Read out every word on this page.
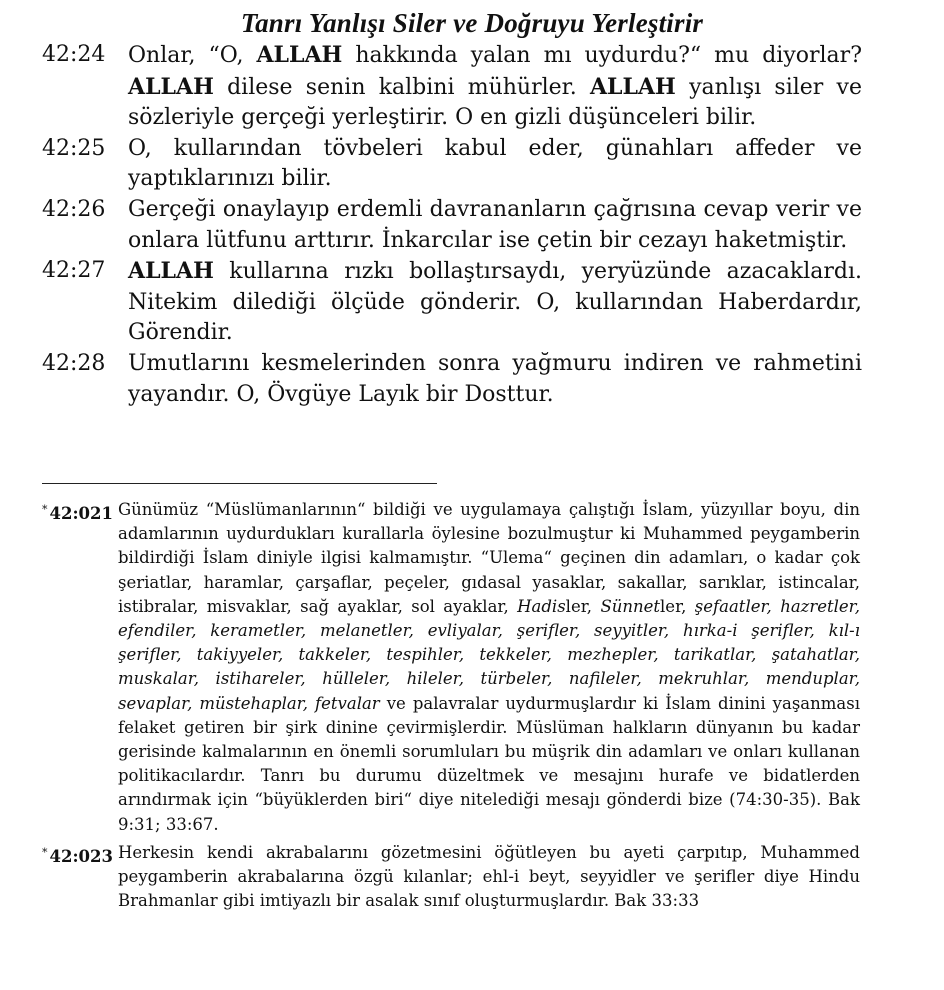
Tanrı Yanlışı Siler ve Doğruyu Yerleştirir
42:24	Onlar, “O, ALLAH hakkında yalan mı uydurdu?“ mu diyorlar? ALLAH dilese senin kalbini mühürler. ALLAH yanlışı siler ve sözleriyle gerçeği yerleştirir. O en gizli düşünceleri bilir.
42:25	O, kullarından tövbeleri kabul eder, günahları affeder ve yaptıklarınızı bilir.
42:26	Gerçeği onaylayıp erdemli davrananların çağrısına cevap verir ve onlara lütfunu arttırır. İnkarcılar ise çetin bir cezayı haketmiştir.
42:27	ALLAH kullarına rızkı bollaştırsaydı, yeryüzünde azacaklardı. Nitekim dilediği ölçüde gönderir. O, kullarından Haberdardır, Görendir.
42:28	Umutlarını kesmelerinden sonra yağmuru indiren ve rahmetini yayandır. O, Övgüye Layık bir Dosttur.
* 42:021 Günümüz “Müslümanlarının“ bildiği ve uygulamaya çalıştığı İslam, yüzyıllar boyu, din adamlarının uydurdukları kurallarla öylesine bozulmuştur ki Muhammed peygamberin bildirdiği İslam diniyle ilgisi kalmamıştır. “Ulema“ geçinen din adamları, o kadar çok şeriatlar, haramlar, çarşaflar, peçeler, gıdasal yasaklar, sakallar, sarıklar, istincalar, istibralar, misvaklar, sağ ayaklar, sol ayaklar, Hadisler, Sünnetler, şefaatler, hazretler, efendiler, kerametler, melanetler, evliyalar, şerifler, seyyitler, hırka-i şerifler, kıl-ı şerifler, takiyyeler, takkeler, tespihler, tekkeler, mezhepler, tarikatlar, şatahatlar, muskalar, istihareler, hülleler, hileler, türbeler, nafileler, mekruhlar, menduplar, sevaplar, müstehaplar, fetvalar ve palavralar uydurmuşlardır ki İslam dinini yaşanması felaket getiren bir şirk dinine çevirmişlerdir. Müslüman halkların dünyanın bu kadar gerisinde kalmalarının en önemli sorumluları bu müşrik din adamları ve onları kullanan politikacılardır. Tanrı bu durumu düzeltmek ve mesajını hurafe ve bidatlerden arındırmak için “büyüklerden biri“ diye nitelediği mesajı gönderdi bize (74:30-35). Bak 9:31; 33:67.
* 42:023 Herkesin kendi akrabalarını gözetmesini öğütleyen bu ayeti çarpıtıp, Muhammed peygamberin akrabalarına özgü kılanlar; ehl-i beyt, seyyidler ve şerifler diye Hindu Brahmanlar gibi imtiyazlı bir asalak sınıf oluşturmuşlardır. Bak 33:33
